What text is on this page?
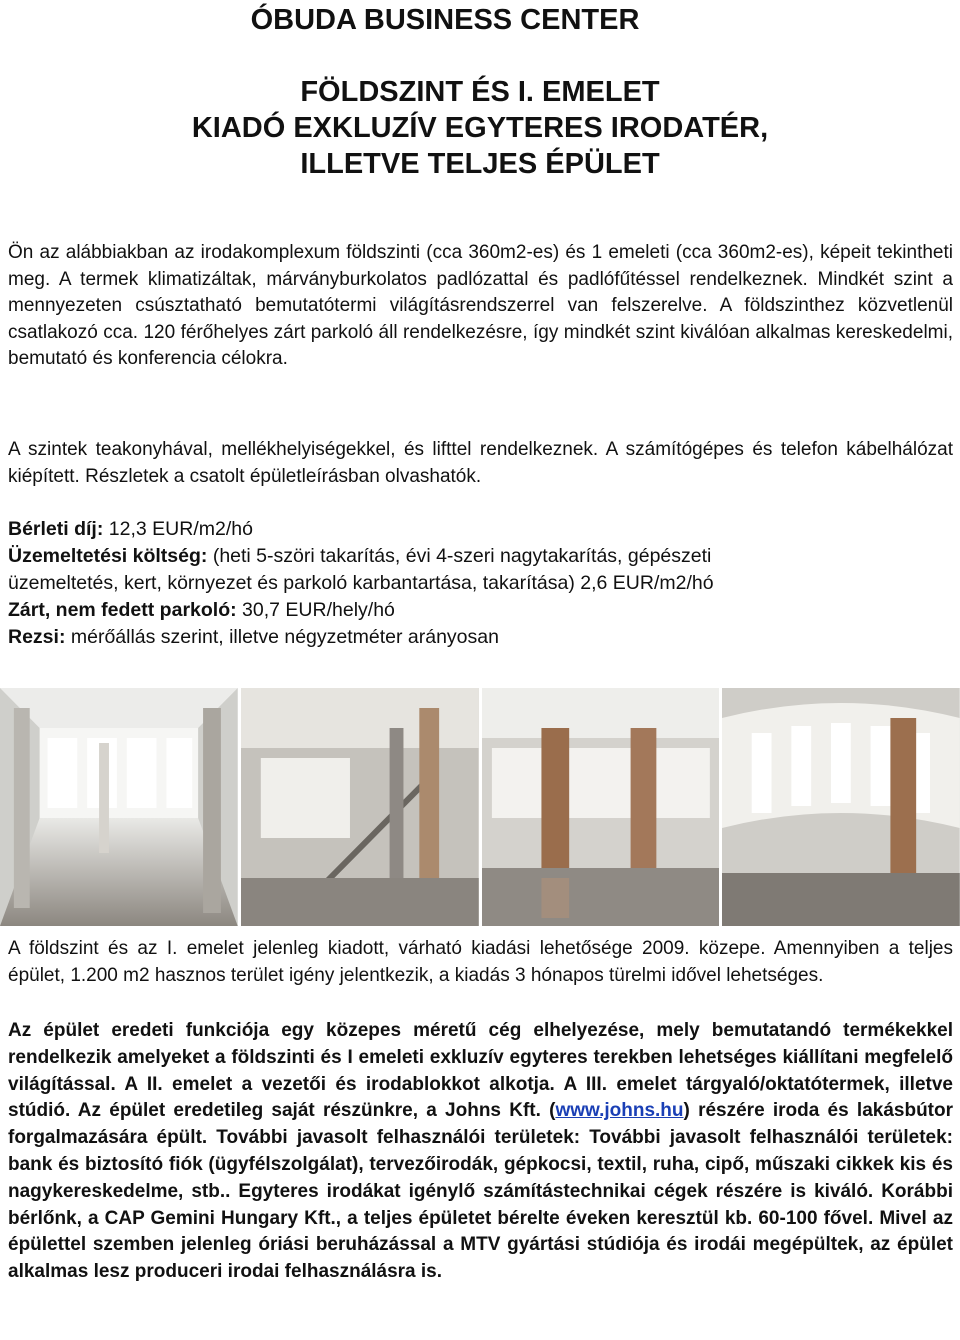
ÓBUDA BUSINESS CENTER
FÖLDSZINT ÉS I. EMELET
KIADÓ EXKLUZÍV EGYTERES IRODATÉR,
ILLETVE TELJES ÉPÜLET

Ön az alábbiakban az irodakomplexum földszinti (cca 360m2-es) és 1 emeleti (cca 360m2-es), képeit tekintheti meg. A termek klimatizáltak, márványburkolatos padlózattal és padlófűtéssel rendelkeznek. Mindkét szint a mennyezeten csúsztatható bemutatótermi világításrendszerrel van felszerelve. A földszinthez közvetlenül csatlakozó cca. 120 férőhelyes zárt parkoló áll rendelkezésre, így mindkét szint kiválóan alkalmas kereskedelmi, bemutató és konferencia célokra.

A szintek teakonyhával, mellékhelyiségekkel, és lifttel rendelkeznek. A számítógépes és telefon kábelhálózat kiépített. Részletek a csatolt épületleírásban olvashatók.

Bérleti díj: 12,3 EUR/m2/hó
Üzemeltetési költség: (heti 5-szöri takarítás, évi 4-szeri nagytakarítás, gépészeti
üzemeltetés, kert, környezet és parkoló karbantartása, takarítása) 2,6 EUR/m2/hó
Zárt, nem fedett parkoló: 30,7 EUR/hely/hó
Rezsi: mérőállás szerint, illetve négyzetméter arányosan

A földszint és az I. emelet jelenleg kiadott, várható kiadási lehetősége 2009. közepe. Amennyiben a teljes épület, 1.200 m2 hasznos terület igény jelentkezik, a kiadás 3 hónapos türelmi idővel lehetséges.

Az épület eredeti funkciója egy közepes méretű cég elhelyezése, mely bemutatandó termékekkel rendelkezik amelyeket a földszinti és I emeleti exkluzív egyteres terekben lehetséges kiállítani megfelelő világítással. A II. emelet a vezetői és irodablokkot alkotja. A III. emelet tárgyaló/oktatótermek, illetve stúdió. Az épület eredetileg saját részünkre, a Johns Kft. (www.johns.hu) részére iroda és lakásbútor forgalmazására épült. További javasolt felhasználói területek: További javasolt felhasználói területek: bank és biztosító fiók (ügyfélszolgálat), tervezőirodák, gépkocsi, textil, ruha, cipő, műszaki cikkek kis és nagykereskedelme, stb.. Egyteres irodákat igénylő számítástechnikai cégek részére is kiváló. Korábbi bérlőnk, a CAP Gemini Hungary Kft., a teljes épületet bérelte éveken keresztül kb. 60-100 fővel. Mivel az épülettel szemben jelenleg óriási beruházással a MTV gyártási stúdiója és irodái megépültek, az épület alkalmas lesz produceri irodai felhasználásra is.
